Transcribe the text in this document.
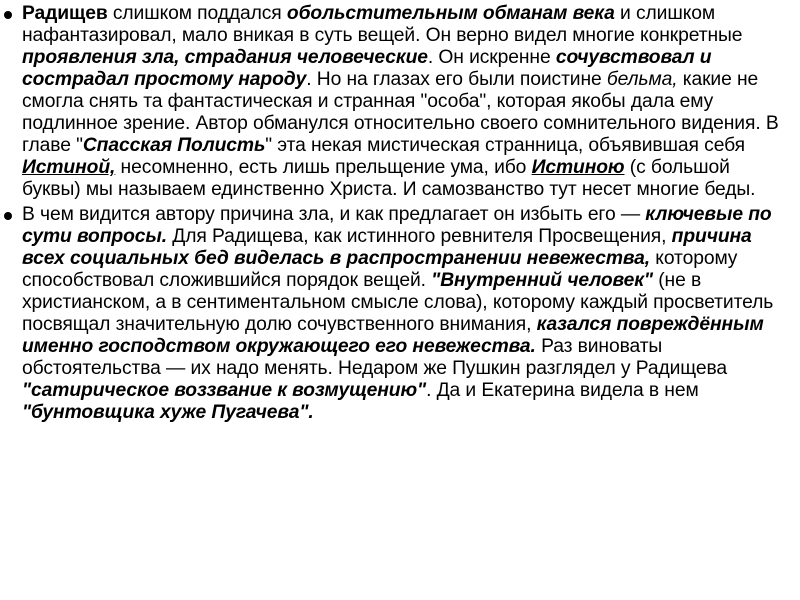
Радищев слишком поддался обольстительным обманам века и слишком нафантазировал, мало вникая в суть вещей. Он верно видел многие конкретные проявления зла, страдания человеческие. Он искренне сочувствовал и сострадал простому народу. Но на глазах его были поистине бельма, какие не смогла снять та фантастическая и странная "особа", которая якобы дала ему подлинное зрение. Автор обманулся относительно своего сомнительного видения. В главе "Спасская Полисть" эта некая мистическая странница, объявившая себя Истиной, несомненно, есть лишь прельщение ума, ибо Истиною (с большой буквы) мы называем единственно Христа. И самозванство тут несет многие беды.
В чем видится автору причина зла, и как предлагает он избыть его — ключевые по сути вопросы. Для Радищева, как истинного ревнителя Просвещения, причина всех социальных бед виделась в распространении невежества, которому способствовал сложившийся порядок вещей. "Внутренний человек" (не в христианском, а в сентиментальном смысле слова), которому каждый просветитель посвящал значительную долю сочувственного внимания, казался повреждённым именно господством окружающего его невежества. Раз виноваты обстоятельства — их надо менять. Недаром же Пушкин разглядел у Радищева "сатирическое воззвание к возмущению". Да и Екатерина видела в нем "бунтовщика хуже Пугачева".
